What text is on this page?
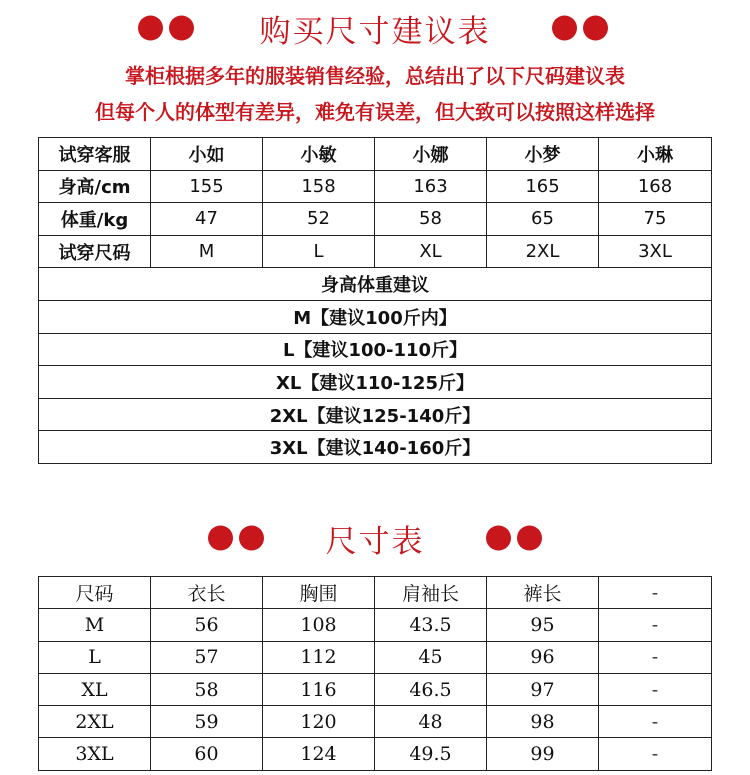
购买尺寸建议表
掌柜根据多年的服装销售经验，总结出了以下尺码建议表
但每个人的体型有差异，难免有误差，但大致可以按照这样选择
试穿客服	小如	小敏	小娜	小梦	小琳
身高/cm	155	158	163	165	168
体重/kg	47	52	58	65	75
试穿尺码	M	L	XL	2XL	3XL
身高体重建议					
M【建议100斤内】					
L【建议100-110斤】					
XL【建议110-125斤】					
2XL【建议125-140斤】					
3XL【建议140-160斤】					
尺寸表
尺码	衣长	胸围	肩袖长	裤长	-
M	56	108	43.5	95	-
L	57	112	45	96	-
XL	58	116	46.5	97	-
2XL	59	120	48	98	-
3XL	60	124	49.5	99	-
